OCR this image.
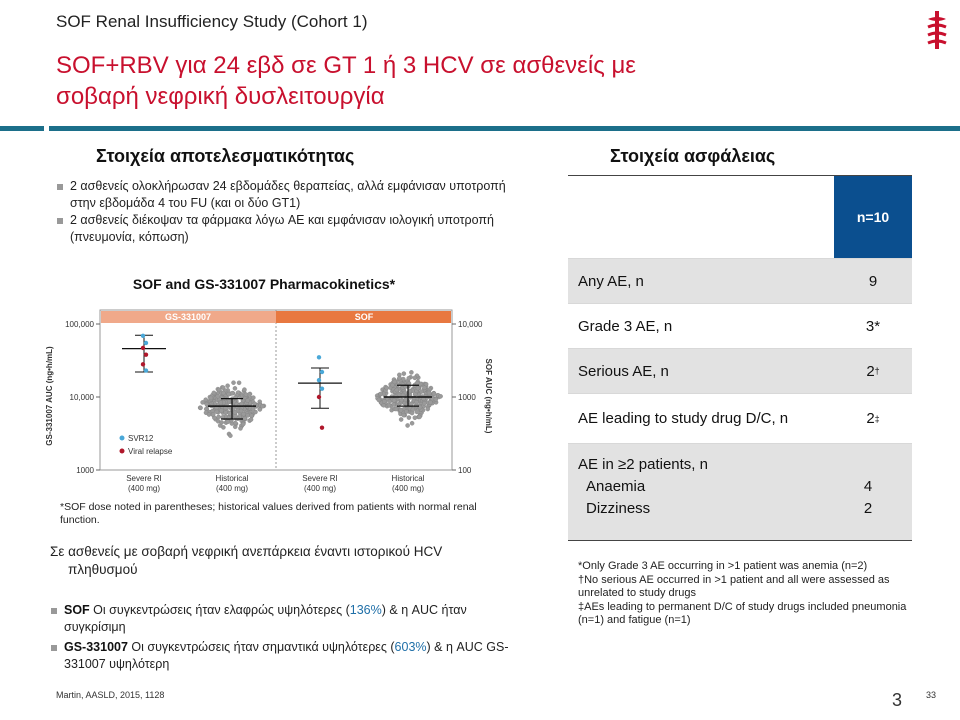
SOF Renal Insufficiency Study (Cohort 1)
SOF+RBV για 24 εβδ σε GT 1 ή 3 HCV σε ασθενείς με
σοβαρή νεφρική δυσλειτουργία
Στοιχεία αποτελεσματικότητας
2 ασθενείς ολοκλήρωσαν 24 εβδομάδες θεραπείας, αλλά εμφάνισαν υποτροπή στην εβδομάδα 4 του FU (και οι δύο GT1)
2 ασθενείς διέκοψαν τα φάρμακα λόγω AE και εμφάνισαν ιολογική υποτροπή (πνευμονία, κόπωση)
SOF and GS-331007 Pharmacokinetics*
GS-331007	SOF
100,000
10,000
1000
10,000
1000
100
GS-331007 AUC (ng•h/mL)	SOF AUC (ng•h/mL)
Severe RI
(400 mg)
Historical
(400 mg)
Severe RI
(400 mg)
Historical
(400 mg)
SVR12
Viral relapse
*SOF dose noted in parentheses; historical values derived from patients with normal renal function.
Σε ασθενείς με σοβαρή νεφρική ανεπάρκεια έναντι ιστορικού HCV
πληθυσμού
SOF Οι συγκεντρώσεις ήταν ελαφρώς υψηλότερες (136%) & η AUC ήταν συγκρίσιμη
GS-331007 Οι συγκεντρώσεις ήταν σημαντικά υψηλότερες (603%) & η AUC GS-331007 υψηλότερη
Στοιχεία ασφάλειας
n=10
Any AE, n	9
Grade 3 AE, n	3*
Serious AE, n	2 †
AE leading to study drug D/C, n	2 ‡
AE in ≥2 patients, n
Anaemia	4
Dizziness	2
*Only Grade 3 AE occurring in >1 patient was anemia (n=2)
†No serious AE occurred in >1 patient and all were assessed as unrelated to study drugs
‡AEs leading to permanent D/C of study drugs included pneumonia (n=1) and fatigue (n=1)
Martin, AASLD, 2015, 1128	3	33
